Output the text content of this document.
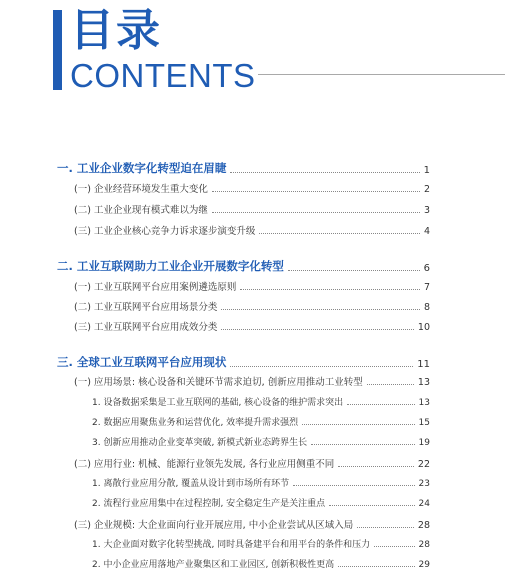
目录
CONTENTS
一. 工业企业数字化转型迫在眉睫	1
(一) 企业经营环境发生重大变化	2
(二) 工业企业现有模式难以为继	3
(三) 工业企业核心竞争力诉求逐步演变升级	4
二. 工业互联网助力工业企业开展数字化转型	6
(一) 工业互联网平台应用案例遴选原则	7
(二) 工业互联网平台应用场景分类	8
(三) 工业互联网平台应用成效分类	10
三. 全球工业互联网平台应用现状	11
(一) 应用场景: 核心设备和关键环节需求迫切, 创新应用推动工业转型	13
1. 设备数据采集是工业互联网的基础, 核心设备的维护需求突出	13
2. 数据应用聚焦业务和运营优化, 效率提升需求强烈	15
3. 创新应用推动企业变革突破, 新模式新业态跨界生长	19
(二) 应用行业: 机械、能源行业领先发展, 各行业应用侧重不同	22
1. 离散行业应用分散, 覆盖从设计到市场所有环节	23
2. 流程行业应用集中在过程控制, 安全稳定生产是关注重点	24
(三) 企业规模: 大企业面向行业开展应用, 中小企业尝试从区域入局	28
1. 大企业面对数字化转型挑战, 同时具备建平台和用平台的条件和压力	28
2. 中小企业应用落地产业聚集区和工业园区, 创新积极性更高	29
